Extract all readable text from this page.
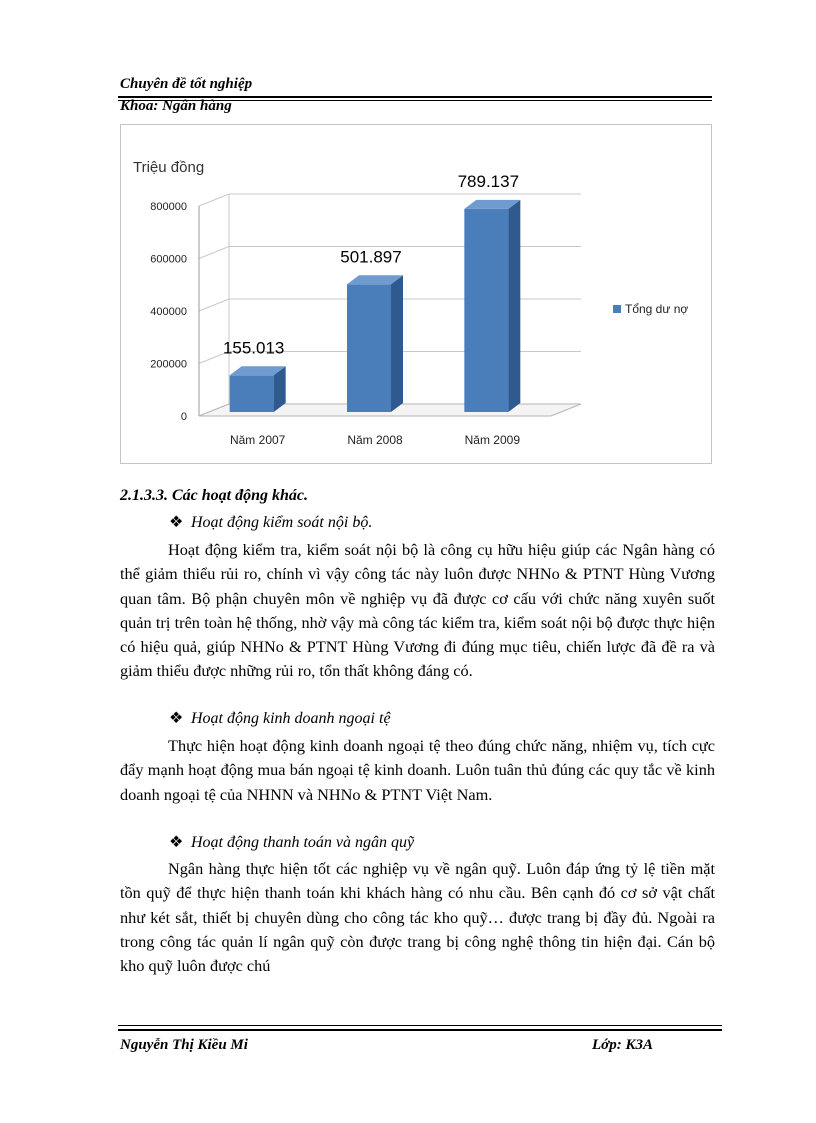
Chuyên đề tốt nghiệp
Khoa: Ngân hàng
0
200000
400000
600000
800000
Triệu đồng
155.013
Năm 2007
501.897
Năm 2008
789.137
Năm 2009
Tổng dư nợ
2.1.3.3. Các hoạt động khác.
❖ Hoạt động kiểm soát nội bộ.

Hoạt động kiểm tra, kiểm soát nội bộ là công cụ hữu hiệu giúp các Ngân hàng có thể giảm thiểu rủi ro, chính vì vậy công tác này luôn được NHNo & PTNT Hùng Vương quan tâm. Bộ phận chuyên môn về nghiệp vụ đã được cơ cấu với chức năng xuyên suốt quản trị trên toàn hệ thống, nhờ vậy mà công tác kiểm tra, kiểm soát nội bộ được thực hiện có hiệu quả, giúp NHNo & PTNT Hùng Vương đi đúng mục tiêu, chiến lược đã đề ra và giảm thiểu được những rủi ro, tổn thất không đáng có.

❖ Hoạt động kinh doanh ngoại tệ

Thực hiện hoạt động kinh doanh ngoại tệ theo đúng chức năng, nhiệm vụ, tích cực đẩy mạnh hoạt động mua bán ngoại tệ kinh doanh. Luôn tuân thủ đúng các quy tắc về kinh doanh ngoại tệ của NHNN và NHNo & PTNT Việt Nam.

❖ Hoạt động thanh toán và ngân quỹ

Ngân hàng thực hiện tốt các nghiệp vụ về ngân quỹ. Luôn đáp ứng tỷ lệ tiền mặt tồn quỹ để thực hiện thanh toán khi khách hàng có nhu cầu. Bên cạnh đó cơ sở vật chất như két sắt, thiết bị chuyên dùng cho công tác kho quỹ… được trang bị đầy đủ. Ngoài ra trong công tác quản lí ngân quỹ còn được trang bị công nghệ thông tin hiện đại. Cán bộ kho quỹ luôn được chú

Nguyễn Thị Kiều Mi	Lớp: K3A
